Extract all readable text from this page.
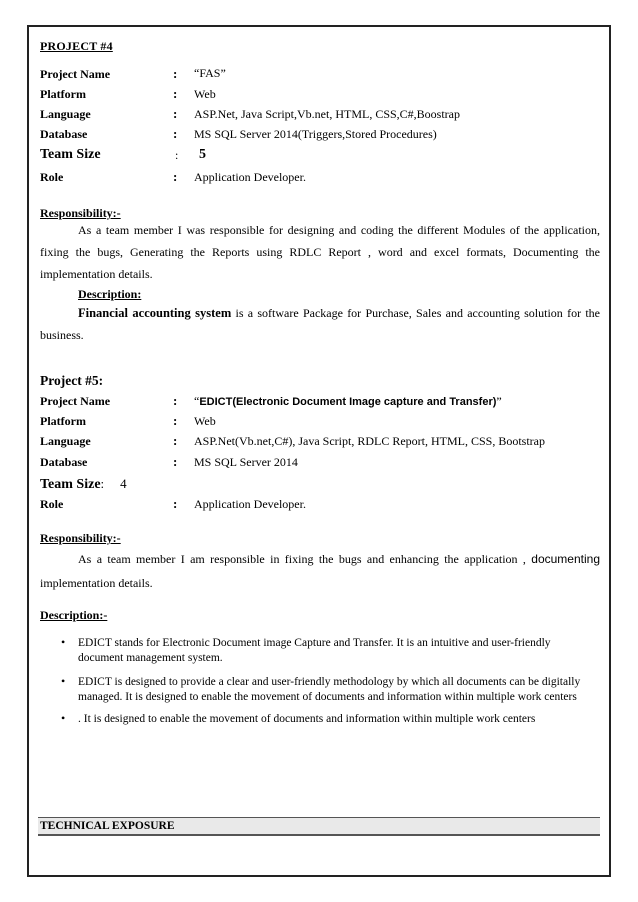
PROJECT #4
Project Name	: “FAS”
Platform	: Web
Language	: ASP.Net, Java Script,Vb.net, HTML, CSS,C#,Boostrap
Database	: MS SQL Server 2014(Triggers,Stored Procedures)
Team Size	: 5
Role	: Application Developer.
Responsibility:-
As a team member I was responsible for designing and coding the different Modules of the application, fixing the bugs, Generating the Reports using RDLC Report , word and excel formats, Documenting the implementation details.
Description:
Financial accounting system is a software Package for Purchase, Sales and accounting solution for the business.
Project #5:
Project Name	: “EDICT(Electronic Document Image capture and Transfer)”
Platform	: Web
Language	: ASP.Net(Vb.net,C#), Java Script, RDLC Report, HTML, CSS, Bootstrap
Database	: MS SQL Server 2014
Team Size: 4
Role	: Application Developer.
Responsibility:-
As a team member I am responsible in fixing the bugs and enhancing the application , documenting implementation details.
Description:-
• EDICT stands for Electronic Document image Capture and Transfer. It is an intuitive and user-friendly document management system.
• EDICT is designed to provide a clear and user-friendly methodology by which all documents can be digitally managed. It is designed to enable the movement of documents and information within multiple work centers
• . It is designed to enable the movement of documents and information within multiple work centers
TECHNICAL EXPOSURE
